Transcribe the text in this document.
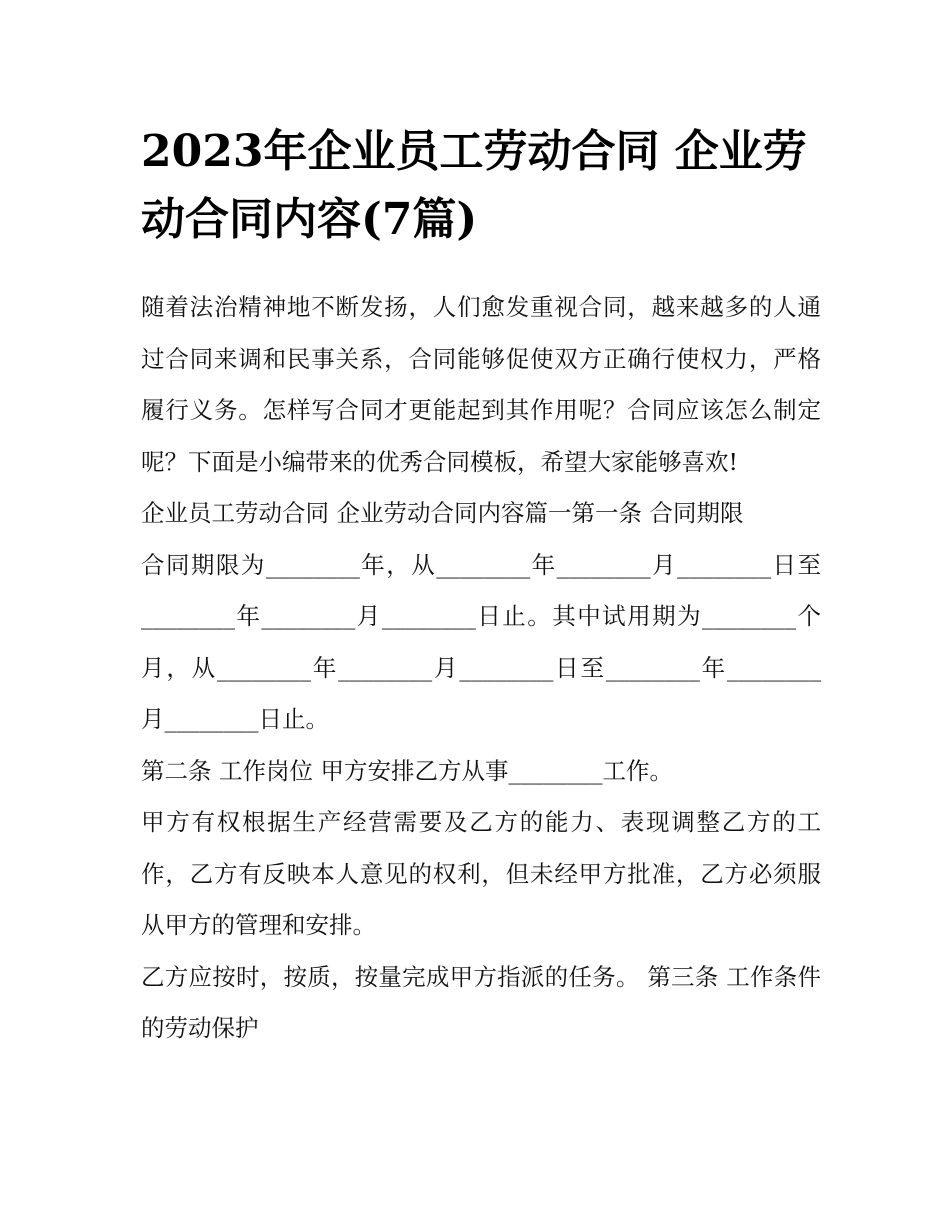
2023年企业员工劳动合同 企业劳动合同内容(7篇)

随着法治精神地不断发扬，人们愈发重视合同，越来越多的人通过合同来调和民事关系，合同能够促使双方正确行使权力，严格履行义务。怎样写合同才更能起到其作用呢？合同应该怎么制定呢？下面是小编带来的优秀合同模板，希望大家能够喜欢!

企业员工劳动合同 企业劳动合同内容篇一第一条 合同期限

合同期限为________年，从________年________月________日至________年________月________日止。其中试用期为________个月，从________年________月________日至________年________月________日止。

第二条 工作岗位 甲方安排乙方从事________工作。

甲方有权根据生产经营需要及乙方的能力、表现调整乙方的工作，乙方有反映本人意见的权利，但未经甲方批准，乙方必须服从甲方的管理和安排。

乙方应按时，按质，按量完成甲方指派的任务。 第三条 工作条件的劳动保护
